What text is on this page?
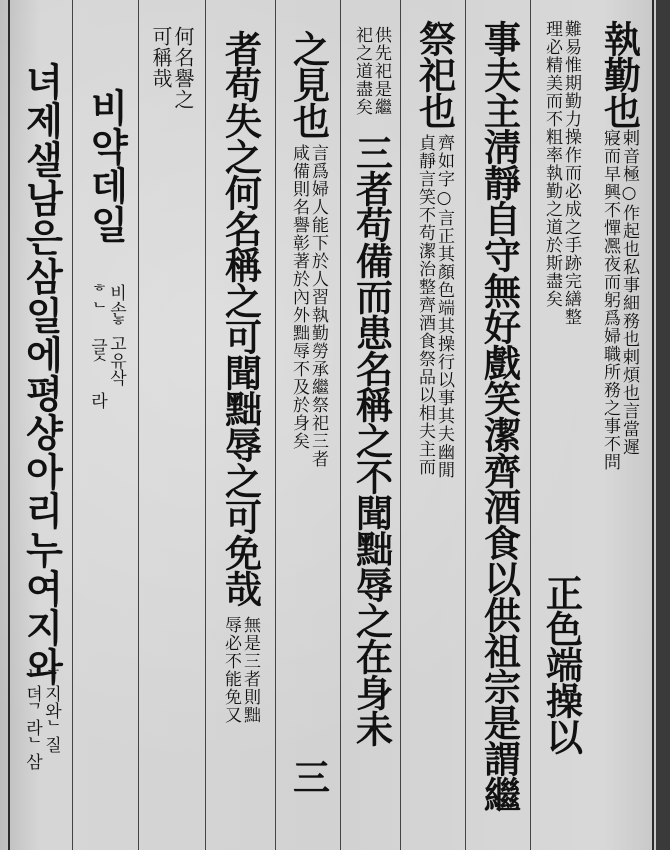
執勤也
剌音極○作起也私事細務也剌煩也言當遲
寢而早興不憚凞夜而躬爲婦職所務之事不問
難易惟期勤力操作而必成之手跡完繕整
理必精美而不粗率執勤之道於斯盡矣
正色端操以
事夫主淸靜自守無好戲笑潔齊酒食以供祖宗是謂繼
祭祀也
齊如字○言正其顏色端其操行以事其夫幽閒
貞靜言笑不苟潔治整齊酒食祭品以相夫主而
供先祀是繼
祀之道盡矣
三者苟備而患名稱之不聞黜辱之在身未
之見也
言爲婦人能下於人習執勤勞承繼祭祀三者
咸備則名譽彰著於內外黜辱不及於身矣
三
者苟失之何名稱之可聞黜辱之可免哉
無是三者則黜
辱必不能免又
何名譽之
可稱哉
비약데일
비손ᄒ고유삭
ᄒᄂ 글ᄉ 라
녀제샐남은삼일에평샹아리누여지와
ᄒ지와ᄂ질
ᄂ뎌ᄀ라ᄂ삼
